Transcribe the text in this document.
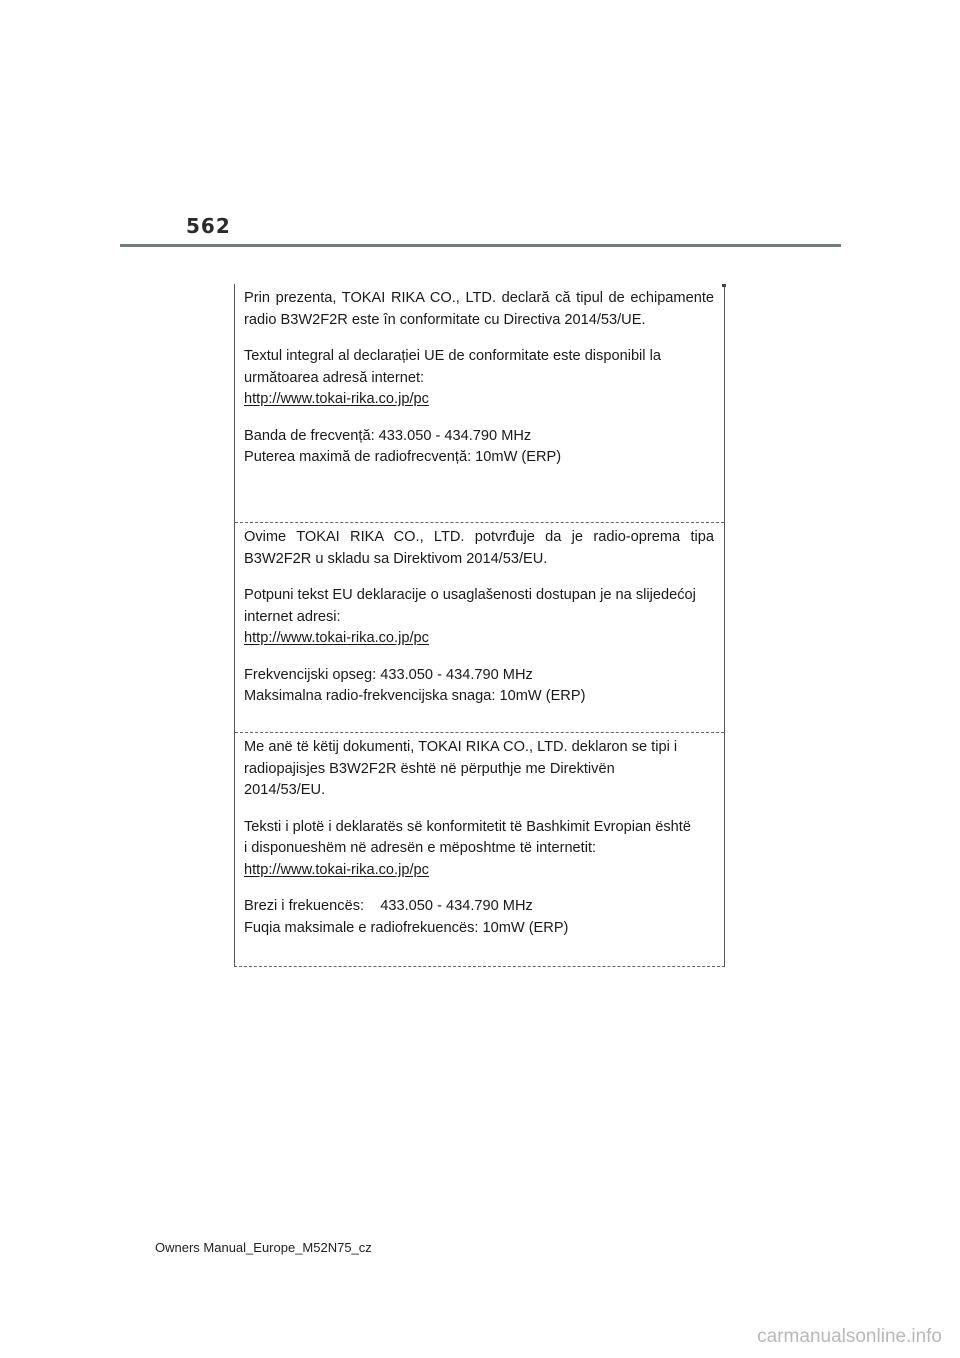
562

Prin prezenta, TOKAI RIKA CO., LTD. declară că tipul de echipamente radio B3W2F2R este în conformitate cu Directiva 2014/53/UE.

Textul integral al declarației UE de conformitate este disponibil la
următoarea adresă internet:
http://www.tokai-rika.co.jp/pc

Banda de frecvență: 433.050 - 434.790 MHz
Puterea maximă de radiofrecvență: 10mW (ERP)

Ovime TOKAI RIKA CO., LTD. potvrđuje da je radio-oprema tipa B3W2F2R u skladu sa Direktivom 2014/53/EU.

Potpuni tekst EU deklaracije o usaglašenosti dostupan je na slijedećoj
internet adresi:
http://www.tokai-rika.co.jp/pc

Frekvencijski opseg: 433.050 - 434.790 MHz
Maksimalna radio-frekvencijska snaga: 10mW (ERP)

Me anë të këtij dokumenti, TOKAI RIKA CO., LTD. deklaron se tipi i
radiopajisjes B3W2F2R është në përputhje me Direktivën
2014/53/EU.

Teksti i plotë i deklaratës së konformitetit të Bashkimit Evropian është
i disponueshëm në adresën e mëposhtme të internetit:
http://www.tokai-rika.co.jp/pc

Brezi i frekuencës:    433.050 - 434.790 MHz
Fuqia maksimale e radiofrekuencës: 10mW (ERP)

Owners Manual_Europe_M52N75_cz
carmanualsonline.info
